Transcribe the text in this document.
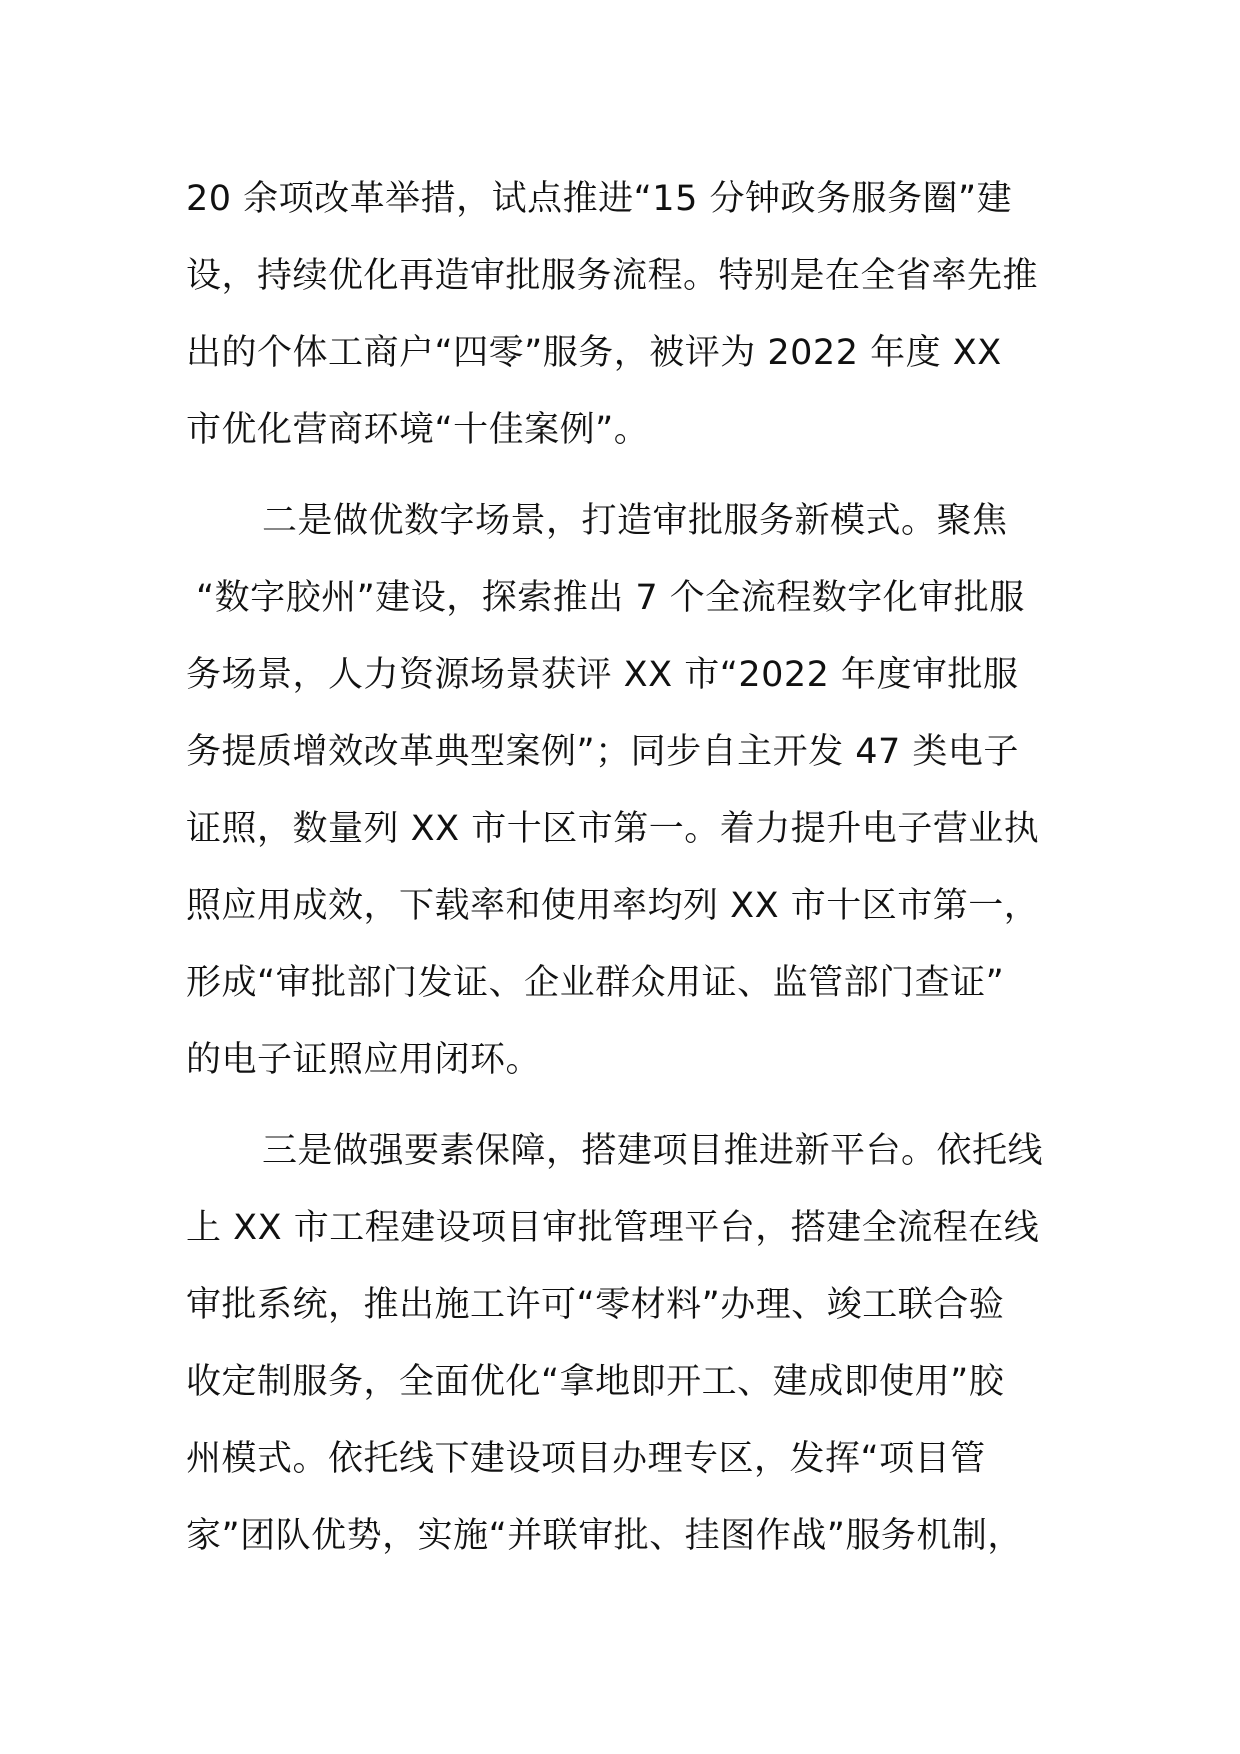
20 余项改革举措，试点推进“15 分钟政务服务圈”建
设，持续优化再造审批服务流程。特别是在全省率先推
出的个体工商户“四零”服务，被评为 2022 年度 XX
市优化营商环境“十佳案例”。
二是做优数字场景，打造审批服务新模式。聚焦
“数字胶州”建设，探索推出 7 个全流程数字化审批服
务场景，人力资源场景获评 XX 市“2022 年度审批服
务提质增效改革典型案例”；同步自主开发 47 类电子
证照，数量列 XX 市十区市第一。着力提升电子营业执
照应用成效，下载率和使用率均列 XX 市十区市第一，
形成“审批部门发证、企业群众用证、监管部门查证”
的电子证照应用闭环。
三是做强要素保障，搭建项目推进新平台。依托线
上 XX 市工程建设项目审批管理平台，搭建全流程在线
审批系统，推出施工许可“零材料”办理、竣工联合验
收定制服务，全面优化“拿地即开工、建成即使用”胶
州模式。依托线下建设项目办理专区，发挥“项目管
家”团队优势，实施“并联审批、挂图作战”服务机制，
